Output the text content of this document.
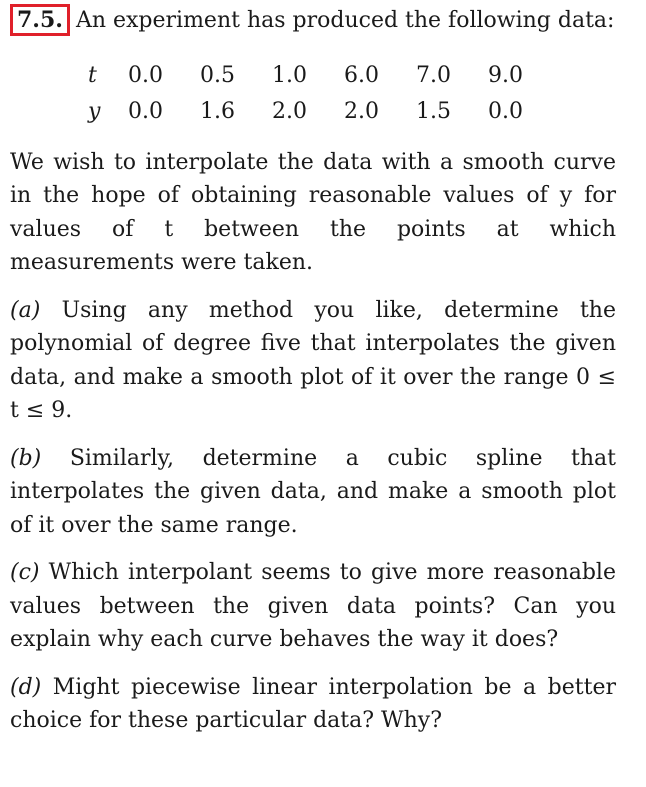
7.5. An experiment has produced the following data:

t	0.0	0.5	1.0	6.0	7.0	9.0
y	0.0	1.6	2.0	2.0	1.5	0.0

We wish to interpolate the data with a smooth curve in the hope of obtaining reasonable values of y for values of t between the points at which measurements were taken.

(a) Using any method you like, determine the polynomial of degree five that interpolates the given data, and make a smooth plot of it over the range 0 ≤ t ≤ 9.

(b) Similarly, determine a cubic spline that interpolates the given data, and make a smooth plot of it over the same range.

(c) Which interpolant seems to give more reasonable values between the given data points? Can you explain why each curve behaves the way it does?

(d) Might piecewise linear interpolation be a better choice for these particular data? Why?
